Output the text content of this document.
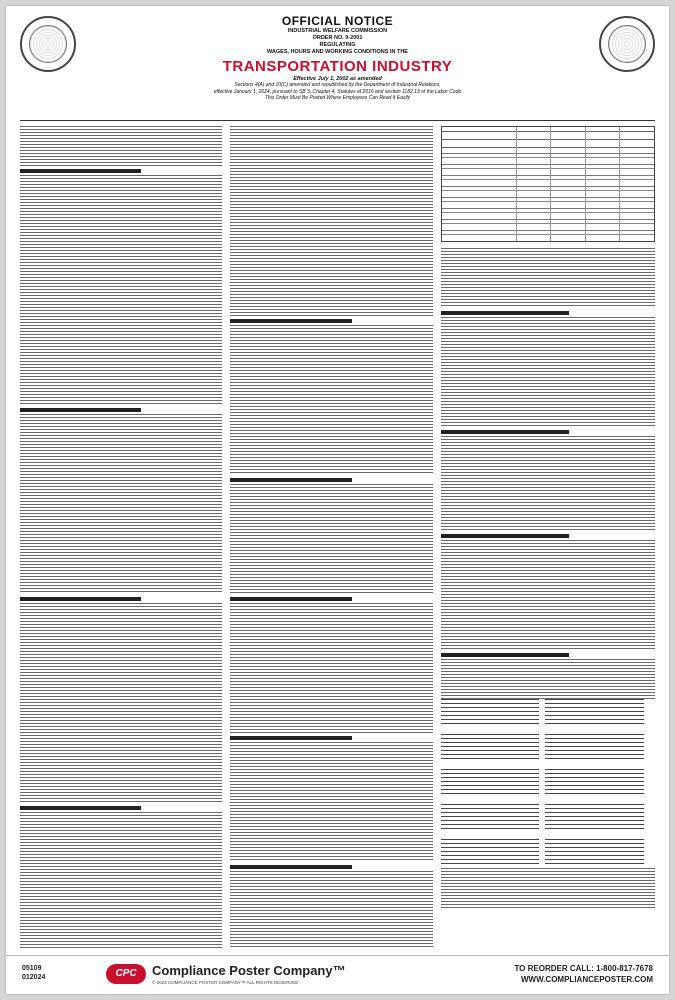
OFFICIAL NOTICE
INDUSTRIAL WELFARE COMMISSION
ORDER NO. 9-2001
REGULATING
WAGES, HOURS AND WORKING CONDITIONS IN THE
TRANSPORTATION INDUSTRY
Effective July 1, 2002 as amended
Sections 4(A) and 10(C) amended and republished by the Department of Industrial Relations,
effective January 1, 2024, pursuant to SB 3, Chapter 4, Statutes of 2016 and section 1182.13 of the Labor Code
This Order Must Be Posted Where Employees Can Read It Easily
05109
012024	CPC	Compliance Poster Company™
© 2023 COMPLIANCE POSTER COMPANY™ ALL RIGHTS RESERVED
TO REORDER CALL: 1-800-817-7678
WWW.COMPLIANCEPOSTER.COM
